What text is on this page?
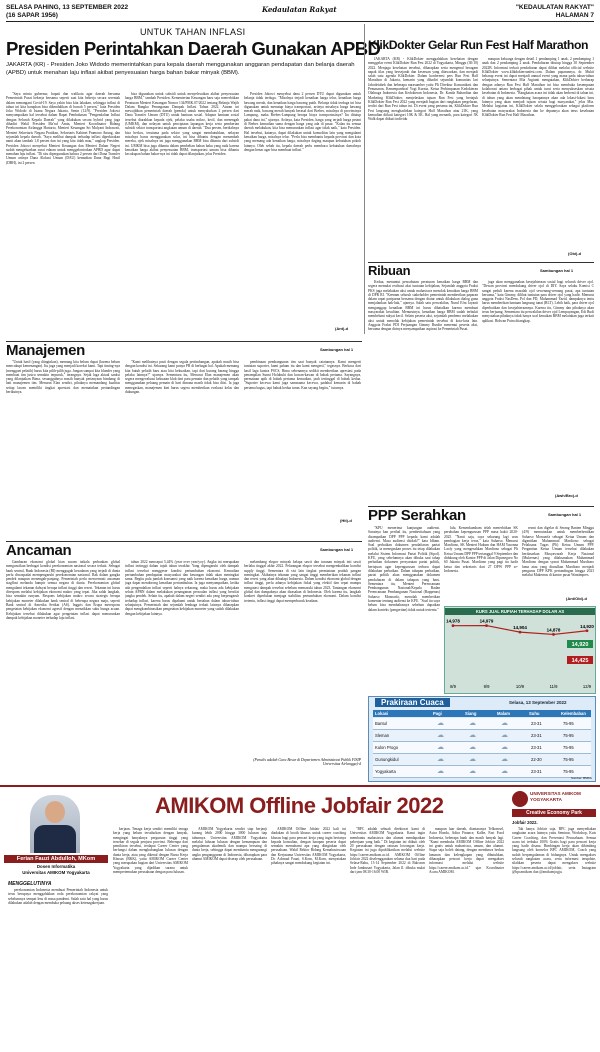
SELASA PAHING, 13 SEPTEMBER 2022
(16 SAPAR 1956)
Kedaulatan Rakyat	"KEDAULATAN RAKYAT"
HALAMAN 7
UNTUK TAHAN INFLASI
Presiden Perintahkan Daerah Gunakan APBD
JAKARTA (KR) - Presiden Joko Widodo memerintahkan para kepala daerah menggunakan anggaran pendapatan dan belanja daerah (APBD) untuk menahan laju inflasi akibat penyesuaian harga bahan bakar minyak (BBM).

"Saya minta gubernur, bupati dan walikota agar daerah bersama Pemerintah Pusat bekerja bersama seperti saat kita bekerja secara serentak dalam menangani Covid-19. Saya yakin bisa kita lakukan, sehingga inflasi di tahun ini kita harapkan bisa dikendalikan di bawah 5 persen," kata Presiden Joko Widodo di Istana Negara Jakarta, Senin (12/9). "Presiden Jokowi menyampaikan hal tersebut dalam Rapat Pembahasan "Pengendalian Inflasi dengan Seluruh Kepala Daerah" yang dilakukan secara hybrid yang juga dihadiri Wakil Presiden Ma'ruf Amin, Menteri Koordinator Bidang Perekonomian Airlangga Hartarto, Menteri Keuangan Sri Mulyani Indrawati, Menteri Sekretaris Negara Pratikno, Sekretaris Kabinet Pramono Anung, dan sejumlah kepala daerah. "Saya melihat dampak terhadap inflasi diperkirakan nanti akan tambah 1,8 persen dan ini yang kita tidak mau," ungkap Presiden. Presiden Jokowi menyebut Menteri Keuangan dan Menteri Dalam Negeri sudah mengeluarkan surat edaran untuk menggelontorkan APBD agar dapat menahan laju inflasi. "Di situ dipergunakan bahwa 2 persen dari Dana Transfer Umum artinya Dana Alokasi Umum (DAU) kemudian Dana Bagi Hasil (DBH), ini 2 persen

bisa digunakan untuk subsidi untuk menyelesaikan akibat penyesuaian harga BBM," tambah Presiden. Kementerian Keuangan baru saja menerbitkan Peraturan Menteri Keuangan Nomor 134/PMK.07/2022 tentang Belanja Wajib Dalam Rangka Penanganan Dampak Inflasi Tahun 2022. Aturan ini mewajibkan pemerintah daerah (pemda) untuk menyalurkan 2 persen dari Dana Transfer Umum (DTU) untuk bantuan sosial. Adapun bantuan sosial tersebut diarahkan kepada ojek, pelaku usaha mikro, kecil, dan menengah (UMKM), dan nelayan untuk penciptaan lapangan kerja serta pemberian subsidi sektor transportasi angkutan umum di daerah. "Dua persen, berdiahnya bisa berkos, terutama pada sektor yang sangat membutuhkan, nelayan misalnya harus menggunakan solar, ini bisa dibantu dengan menambah mereka, ojek misalnya ini juga menggunakan BBM bisa dibantu dari subsidi ini. UMKM bisa juga dibantu dalam pembelian bahan baku yang naik karena kenaikan harga akibat penyesuaian BBM, transportasi umum bisa dibantu kecukupan bahan bakar-nya ini tidak dapat dilanjutkan, jelas Presiden.

Presiden Jokowi menyebut dana 2 persen DTU dapat digunakan untuk belanja tidak terduga. "Misalnya terjadi kenaikan harga telur, kenaikan harga bawang merah, dan kenaikan harga bawang putih. Belanja tidak terduga ini bisa digunakan untuk menutup biaya transportasi, artinya misalnya harga bawang merah naik, bawang merah banyak berasal dari Brebes, misalnya di provinsinya Lampung, maka Brebes-Lampung berapa biaya transportasinya? Itu ditutup pakai dana ini," ujarnya. Artinya, kata Presiden, harga yang terjadi harga petani di Brebes kemudian sama dengan harga yang ada di pasar. "Kalau itu semua daerah melakukan, kita bisa menurunkan inflasi agar tidak naik," kata Presiden. Hal tersebut, katanya, dapat dilakukan untuk komoditas lain yang mengalami kenaikan harga, misalnya telur. "Perlu bisa membantu kepada provinsi dan kota yang memang ada kenaikan harga, misalnya daging maupun kebutuhan pokok lainnya. Oleh sebab itu, kepala daerah perlu membaca kebutuhan daerahnya dengan benar agar bisa membuat inflasi."

(Ant)-d
KlikDokter Gelar Run Fest Half Marathon

JAKARTA (KR) - KlikDokter menggalakkan kesehatan dengan menggelar event KlikDokter Run Fest 2022 di Yogyakarta, Minggu (30/10) 2022. Menjaga kesehatan tersebut, diharapkan serta mengenal beragam napak tilas yang bersejarah dan keseruan yang ditawarkan, dan menjadi salah satu agenda KlikDokter. Dalam konferensi pers Run Fest Half Marathon di Jakarta, kemarin yang dihadiri sejumlah komunitas lari Jabodetabek dan beberapa narasumber yaitu PIt Direktur Komunikasi dan Pemasaran, Kemenparekraf Yogi Kurnia, Ketua Perhimpunan Kedokteran Olahraga Indonesia dan Kedokteran Indonesia, Dr. Kanda Rahardian dan Marketing KlikDokter, menjelaskan tujuan Run Fest yang bertajuk KlikDokter Run Fest 2022 yang menjadi bagian dari rangkaian pergelaran, terdiri dari Run Fest tahun ini. Di event yang pertama ini, KlikDokter Run Fest langsung menghadirkan kategori Half Marathon atau 21K, yang kemudian diikuti kategori 10K & 5K. Hal yang menarik, para kategori 5K Walk dapat diikuti individu

maupun keluarga dengan detail 1 pendamping 1 anak, 2 pendamping 1 anak dan 2 pendamping 2 anak. Pendaftaran ditutup hingga 30 September 2022B. Informasi terkait pendaftaran dapat dilihat melalui official website KlikDokter www.klikdokterrunfest.com. Dalam paparannya, dr. Mukti beharap event ini dapat menjadi annual event yang mana pada tahun-tahun selanjutnya. Sementara Mia Argianti mengatakan, KlikDokter berharap dengan adanya Run Fest Half Marathon ini bisa membuka kesempatan kolaborasi antara berbagai pihak untuk turut serta menyukseskan wisata kesehatan di Indonesia. "Rangkaian acara ini tidak akan berhenti di tahun ini, di tahun yang akan mendatang harapannya akan ada lokasi-lokasi baru lainnya yang akan menjadi tujuan wisata bagi masyarakat," jelas Mia. Melalui kegiatan ini, KlikDokter selalu menggelorakan sebagai platform kesehatan masyarakat Indonesia dan ke depannya akan terus kesehatan KlikDokter Run Fest Half Marathon.

(Obi)-d
Ribuan	Sambungan hal 1

Kedua, menuntut pencabutan peraturan kenaikan harga BBM dan segera memulai realisasi aksi tuntutan kebijakan, Sejumlah anggota Fraksi PKS juga melakukan aksi untuk mahasiswa menolak kenaikan harga BBM di DPR RI. "Keenam seluruh stakeholder pemerintah memberikan paparan dalam rapat paripurna bersama dengan diatur untuk dilakukan dialog guna menjalankan hak-hak," ujarnya. Salah satu perwakilan, Nurul Efra Jayanti menganggap kenaikan BBM ini harus dibatalkan karena membuat masyarakat kesulitan. Menurutnya, kenaikan harga BBM sudah terbukti membebani rakyat kecil. Selain peserta aksi, sejumlah pendemo melakukan aksi untuk menolak kebijakan pemerintah tersebut di kota-kota lain. Anggota Fraksi PDI Perjuangan Gimmy Rusdin menemui peserta aksi, bersama dengan dirinya menyampaikan aspirasi ke Pemerintah Pusat.

juga akan menggunakan kesejahteraan sosial bagi seluruh driver ojol. "Dewan provinsi mendukung driver ojol di DIY. Saya selaku Komisi C sangat peduli karena masalah ojol sewenang-wenang pusat, apa tuntutan bersama," kata Gimmy, dilihat tuntutan para driver ojol yang hadir. Menurut anggota Fraksi NasDem, Pol dan PD, Muhammad Yazid, dampaknya tentu harus memberikan bantuan langsung tunai (BLT). Lebih baik, para driver ojol diperhatikan dan kesejahteraannya. Karena itu, Gimmy dan pihaknya akan terus berjuang. Sementara itu perwakilan driver ojol Lempuyangan, Edi Budi menyatakan pihaknya tidak hanya soal kenaikan BBM melainkan juga terkait aplikasi. Ridwan Putra ditangkap.

(Awh/Bro)-d
Manajemen	Sambungan hal 1

"Untuk hasil (yang diinginkan), memang kita belum dapat (karena belum mencukupi kemenangan). Itu juga yang menjadi koreksi kami. Tapi timing-nya (menggaet pelatih) harus kita pilih-pilih juga. Jangan sampai kita blunder yang membuat tim justru semakin terpuruk," terangnya. Sejak laga aktual sanksi yang dilanjutkan Bima, sesungguhnya masih banyak pertanyaan bimbang di hati manajemen tim. Menurut Elan sendiri, pihaknya memandang kualitas setiap lawan memiliki tingkat apresiasi dan memainkan pertandingan berikutnya.

"Kami melihatnya pasti dengan segala pertimbangan, apakah masih bisa dengan kondisi ini. Sekarang kami punya PR di berbagai hal. Apakah memang kita butuh pelatih baru atau kita kekuatkan, tapi dari kurang barang hingga pelaku lainnya?" ujarnya. Sementara itu, Menurut Elan manajemen akan segera mengevaluasi kekuatan klub dari para pemain dan pelatih yang tampak menggunakan peluang pemain di hari dimana masih tidak bisa diisi. Ia juga menegaskan, manajemen kini harus segera memberikan evaluasi kelas dan dukungan.

pembinaan pembangunan tim saat banyak catatannya. Kami mengerti tuntutan suporter, kami paham itu dan kami mengerti," tegasnya. Berkaca dari hasil laga kontra PSCS, Bima sebenarnya sedikit memberikan apresiasi pada penampilan Sunni Holubuhi dan kawan-kawan di babak pertama. Sayangnya, permainan apik di babak pertama kemudian, jauh tertinggal di babak kedua. "Suporter kecewa kami juga samasama kecewa, padahal kemarin di babak pertama bagus, tapi babak kedua turun. Kan sayang begitu," tuturnya.

(Hit)-d PPP Serahkan	Sambungan hal 1

"KPU menerima kunjungan audiensi. Suratnya kan perihal itu, pemberitahuan yang disampaikan DPP PPP kepada kami adalah audiensi. Masa audiensi ditolak?" kata Idham. Soal perbaikan dokumen pendaftaran partai politik, ia menegaskan proses itu tetap dilakukan melalui Sistem Informasi Partai Politik (Sipol). KPU, yang sebelumnya akan dibuka saat tahap perbaikan dokumen persyaratan partai politik, bertujuan agar kepengurusan terbaru dapat dilakukan perbaikan. Dalam tahapan perbaikan, partai politik akan menggunakan dokumen pendaftaran di dalam tahapan yang baru. Sementara itu, Menteri Perencanaan Pembangunan Nasional/Kepala Badan Perencanaan Pembangunan Nasional (Bappenas) Suharso Monoarfa, menolak memberikan komentar tentang audiensi ke KPU. "Soal itu saya belum bisa membahasnya sebelum dapatkan dalam konteks (pengertian) tidak untuk tertentu."

lalu. Kemenkumham telah menerbitkan SK perubahan kepengurusan PPP masa bakti 2020-2025. "Nanti saja, saya sekarang lagi urus pembagian kerja terus," kata Suharso. Menurut Mardiono, SK Menteri Hukum dan HAM Yasonna Laoly yang mengesahkan Mardiono sebagai Plt Ketua Umum DPP PPP tertanggal 9 September dan didukung oleh Kantor PPP di Jalan Diponegoro No 60 Jakarta Pusat. Mardiono yang pagi itu hadir ketua dan sekretaris dari 27 DPW PPP se-Indonesia.

resmi dan digelar di Serang Banten Minggu (4/9) memutuskan untuk memberhentikan Suharso Monoarfa sebagai Ketua Umum dan digantikan Muhammad Mardiono sebagai Pelaksana Tugas (Plt) Ketua Umum PPP. Pergantian Ketua Umum tersebut dilakukan berdasarkan Musyawarah Kerja Nasional (Mukernas) yang dilaksanakan Muhammad Mardiono dengan syarat Muhammad Mardiono lama atau yang diusulkan Mardiono menjadi pengurus DPP KPK pertandingan hingga 2023 melalui Mukernas di kantor pusat Wantimpres.

(Ant/Obi)-d
Ancaman	Sambungan hal 1

Gambaran ekonomi global kian suram tatkala perbankan global menguncikan berbagai kondisi perekonomian nasional secara terkait. Sebagai bank sentral, Bank Indonesia (BI) menggugah kesadaran yang terjadi di dunia perlu diwaspadai mempengaruhi perekonomian nasional. Bak dalam gangka pendek maupun menengah-panjang. Pemerintah perlu mencermati ancaman stagflasi melanda hampir semua negara di dunia. Perekonomian global mengalami tekanan dahsyat berupa inflasi tinggi dan resesi. Tekanan ini harus direspons melalui kebijakan ekonomi makro yang tepat. Jika salah langkah, bisa semakin runyam. Respons kebijakan makro secara strategis berupa kebijakan moneter dilakukan bank sentral di beberapa negara maju, seperti Bank sentral di Amerika Serikat (AS). Inggris dan Eropa merespons pengetatan kebijakan ekonomi agresif dengan menaikkan suku bunga acuan. Kebijakan tersebut dilakukan agar pengetatan inflasi dapat menurunkan dampak kebijakan moneter terhadap laju inflasi.

tahun 2022 mencapai 5,44% (year over year/yoy). Angka ini merupakan inflasi tertinggi dalam tujuh tahun terakhir. Yang dipengaruhi oleh dampak inflasi tersebut menggeser kondisi pertumbuhan ekonomi. Kemudian pertumbuhan pendapatan masyarakat dan keuangan tidak akan meningkat sama. Begitu pula jumlah konsumsi yang naik karena kenaikan harga, namun juga dapat mendorong kenaikan pertumbuhan. Ia juga menyampaikan, ketika ada pengendalian inflasi seperti halnya sekarang, maka harus ada kebijakan selain APBN dalam melakukan penanganan persoalan inflasi yang bersifat jangka pendek. Selain itu, apakah dalam negeri sendiri ada yang berpengaruh terhadap inflasi, karena harus dipahami untuk bertahan dalam tahun-tahun selanjutnya. Pemerintah dan sejumlah lembaga terkait lainnya diharapkan dapat mengkombinasikan pengetatan kebijakan moneter yang sudah dilakukan dengan kebijakan lainnya.

melambang ekspor minyak kelapa sawit dan turunan minyak inti sawit berlaku tinggal akhir 2022. Pelarangan ekspor tersebut mengembalikan kondisi supply tinggi. Sementara di sisi lain tingkat permintaan produk pangan meningkat. Akibatnya tekanan yang sangat tinggi memberikan tekanan inflasi dan resesi yang akan dihadapi Indonesia. Dalam kondisi ekonomi global dengan inflasi tinggi, perlu adanya kebijakan fiskal yang efektif dan cepat mampu mengatasi dampak tersebut sebelum memasuki tahun 2023. Tantangan ekonomi global dan dampaknya akan dirasakan di Indonesia. Oleh karena itu, langkah konkret diperlukan menjaga stabilitas pertumbuhan ekonomi. Dalam kondisi tertentu, inflasi tinggi dapat memperburuk keadaan.

(Penulis adalah Guru Besar di Departemen Administrasi Publik FISIP Universitas Airlangga)-d
KURS JUAL RUPIAH TERHADAP DOLAR AS
14,978
8/9
14,979
9/9
14,904
10/9
14,878
11/9
14,920
12/9
14,920
14,425
Prakiraan Cuaca	Selasa, 13 September 2022
Lokasi	Pagi	Siang	Malam	Suhu	Kelembaban
Bantul	☁	☁	☁	23-31	75-95
Sleman	☁	☁	☁	23-31	75-95
Kulon Progo	☁	☁	☁	23-31	75-95
Gunungkidul	☁	☁	☁	22-30	75-95
Yogyakarta	☁	☁	☁	23-31	75-95
Sumber: BMKG
AMIKOM Offline Jobfair 2022
Ferian Fauzi Abdulloh, MKom
Dosen Informatika
Universitas AMIKOM Yogyakarta
MENGGELUTINYA

perekonomian Indonesia membuat Pemerintah Indonesia untuk terus berupaya menggalakkan roda perekonomian rakyat yang sebelumnya sempat lesu di masa pandemi. Salah satu hal yang harus dilakukan adalah dengan membuka peluang akses ketenagakerjaan.

kerjaan. Tenaga kerja sendiri memiliki tenaga kerja yang belum tersalurkan dengan banyak, mengingat banyaknya perguruan tinggi yang tersebar di segala penjuru provinsi. Beberapa dari pemikiran tersebut, terdapat Career Center yang berfungsi dalam menghubungkan lulusan dengan dunia kerja, atau yang dikenal dengan Bursa Kerja Khusus (BKK), yaitu AMIKOM Career Center yang merupakan bagian dari Universitas AMIKOM Yogyakarta yang dijadikan sarana untuk mempertemukan perusahaan dengan para lulusan.

AMIKOM Yogyakarta sendiri siap berjanji kurang lebih 2000 hingga 3000 lulusan tiap tahunnya. Universitas AMIKOM Yogyakarta melalui lulusan lulusan dengan kemampuan dan pengalaman akademik dan mampu bersaing di dunia kerja, sehingga dapat membantu mengurangi angka pengangguran di Indonesia, diharapkan para alumni AMIKOM dapat diserap oleh perusahaan.

AMIKOM Offline Jobfair 2022 kali ini diadakan di booth khusus untuk career coaching khusus bagi para pencari kerja yang ingin bertanya kepada konsultan, dengan harapan peserta dapat semakin memahami apa yang diinginkan oleh perusahaan. Wakil Rektor Bidang Kemahasiswaan dan Kerjasama Universitas AMIKOM Yogyakarta, Dr. Achmad Fauzi, S.Kom, M.Kom, menyatakan pihaknya sangat mendukung kegiatan ini.

"BPC adalah sebuah direktorat kami di Universitas AMIKOM Yogyakarta. Kami ingin membantu mahasiswa dan alumni mendapatkan pekerjaan yang baik." Di kegiatan ini diikuti oleh 20 perusahaan dengan ratusan lowongan kerja. Kegiatan ini juga dipublikasikan melalui website https://career.amikom.ac.id. AMIKOM Offline Jobfair 2022 diselenggarakan selama dua hari pada Selasa-Rabu, 13-14 September 2022 di Balroom Inde Jambusari Yogyakarta, Jalan Jl. dibuka mulai dari jam 08.30-16.00 WIB.

maupun luar daerah, diantaranya Telkomsel, Astra Honda, Adira Finance, Kalbe, Fast Food Indonesia, beberapa bank dan masih banyak lagi. "Kami membuka AMIKOM Offline Jobfair 2022 ini gratis untuk mahasiswa, umum, dan alumni. Siapa saja boleh datang, dengan membawa berkas lamaran dan kelengkapan yang dibutuhkan, diharapkan pencari kerja dapat mengakses informasi melalui website https://career.amikom.ac.id." ujar Koordinator Acara AMIKOM.

UNIVERSITAS AMIKOM
YOGYAKARTA
Creative Economy Park
Jobfair 2022.

Tak hanya Jobfair saja, BPC juga menyediakan rangkaian acara lainnya yaitu Seminar, Workshop, Kuis Career Coaching, dan Presentasi Perusahaan. Semua acara ini terbuka 100% Gratis bagi para pencari kerja yang hadir disana. Bimbingan kerja akan dibimbing langsung oleh konselor BPC AMIKOM, Coach yang sudah berpengalaman di bidangnya. Untuk mengakses seluruh rangkaian acara, serta informasi terupdate, silahkan peserta dapat mengakses website https://career.amikom.ac.id/jobfair, serta Instagram @bpcamikom dan @amikomjogja.
